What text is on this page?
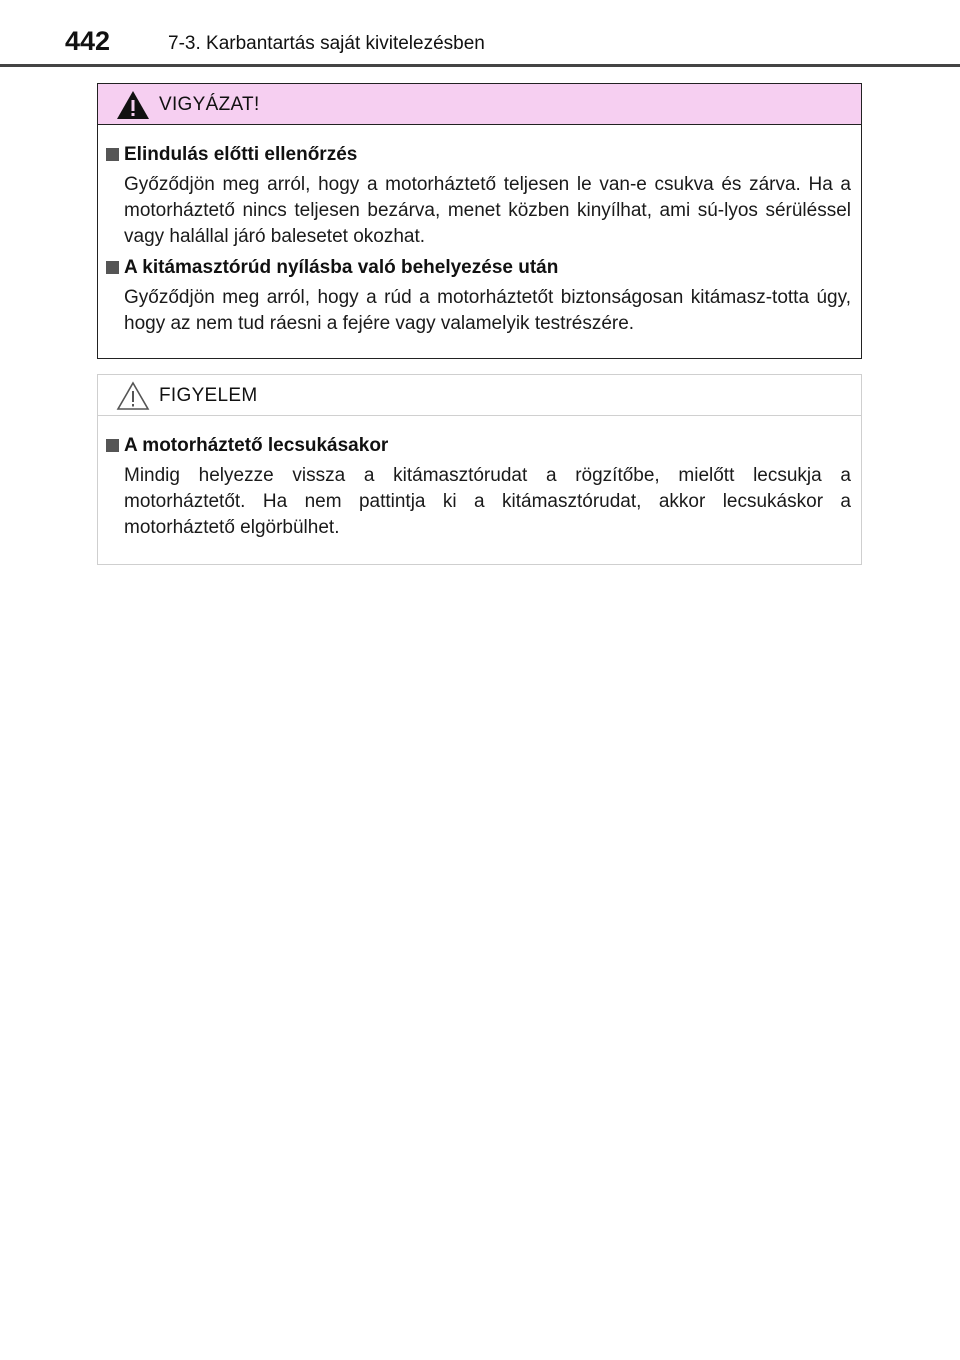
442	7-3. Karbantartás saját kivitelezésben
VIGYÁZAT!
Elindulás előtti ellenőrzés
Győződjön meg arról, hogy a motorháztető teljesen le van-e csukva és zárva. Ha a motorháztető nincs teljesen bezárva, menet közben kinyílhat, ami sú-lyos sérüléssel vagy halállal járó balesetet okozhat.
A kitámasztórúd nyílásba való behelyezése után
Győződjön meg arról, hogy a rúd a motorháztetőt biztonságosan kitámasz-totta úgy, hogy az nem tud ráesni a fejére vagy valamelyik testrészére.
FIGYELEM
A motorháztető lecsukásakor
Mindig helyezze vissza a kitámasztórudat a rögzítőbe, mielőtt lecsukja a motorháztetőt. Ha nem pattintja ki a kitámasztórudat, akkor lecsukáskor a motorháztető elgörbülhet.
